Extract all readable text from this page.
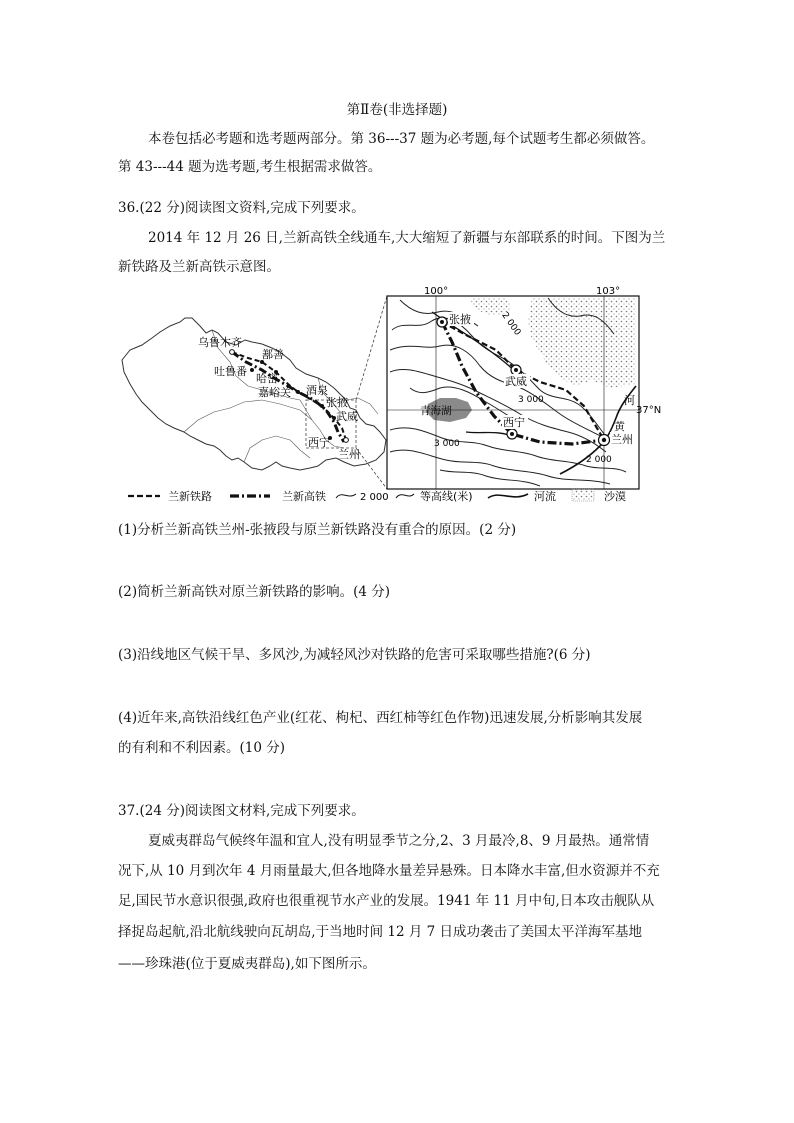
第Ⅱ卷(非选择题)
本卷包括必考题和选考题两部分。第 36---37 题为必考题,每个试题考生都必须做答。
第 43---44 题为选考题,考生根据需求做答。
36.(22 分)阅读图文资料,完成下列要求。
2014 年 12 月 26 日,兰新高铁全线通车,大大缩短了新疆与东部联系的时间。下图为兰
新铁路及兰新高铁示意图。
乌鲁木齐
鄯善
吐鲁番
哈密
酒泉
嘉峪关
张掖
武威
西宁
兰州
张掖
武威
西宁
兰州
青海湖
2 000
3 000
3 000
2 000
河
黄
100°	103°
37°N
兰新铁路	兰新高铁	2 000	等高线(米)	河流	沙漠
(1)分析兰新高铁兰州-张掖段与原兰新铁路没有重合的原因。(2 分)
(2)简析兰新高铁对原兰新铁路的影响。(4 分)
(3)沿线地区气候干旱、多风沙,为减轻风沙对铁路的危害可采取哪些措施?(6 分)
(4)近年来,高铁沿线红色产业(红花、枸杞、西红柿等红色作物)迅速发展,分析影响其发展
的有利和不利因素。(10 分)
37.(24 分)阅读图文材料,完成下列要求。
夏威夷群岛气候终年温和宜人,没有明显季节之分,2、3 月最冷,8、9 月最热。通常情
况下,从 10 月到次年 4 月雨量最大,但各地降水量差异悬殊。日本降水丰富,但水资源并不充
足,国民节水意识很强,政府也很重视节水产业的发展。1941 年 11 月中旬,日本攻击舰队从
择捉岛起航,沿北航线驶向瓦胡岛,于当地时间 12 月 7 日成功袭击了美国太平洋海军基地
——珍珠港(位于夏威夷群岛),如下图所示。
